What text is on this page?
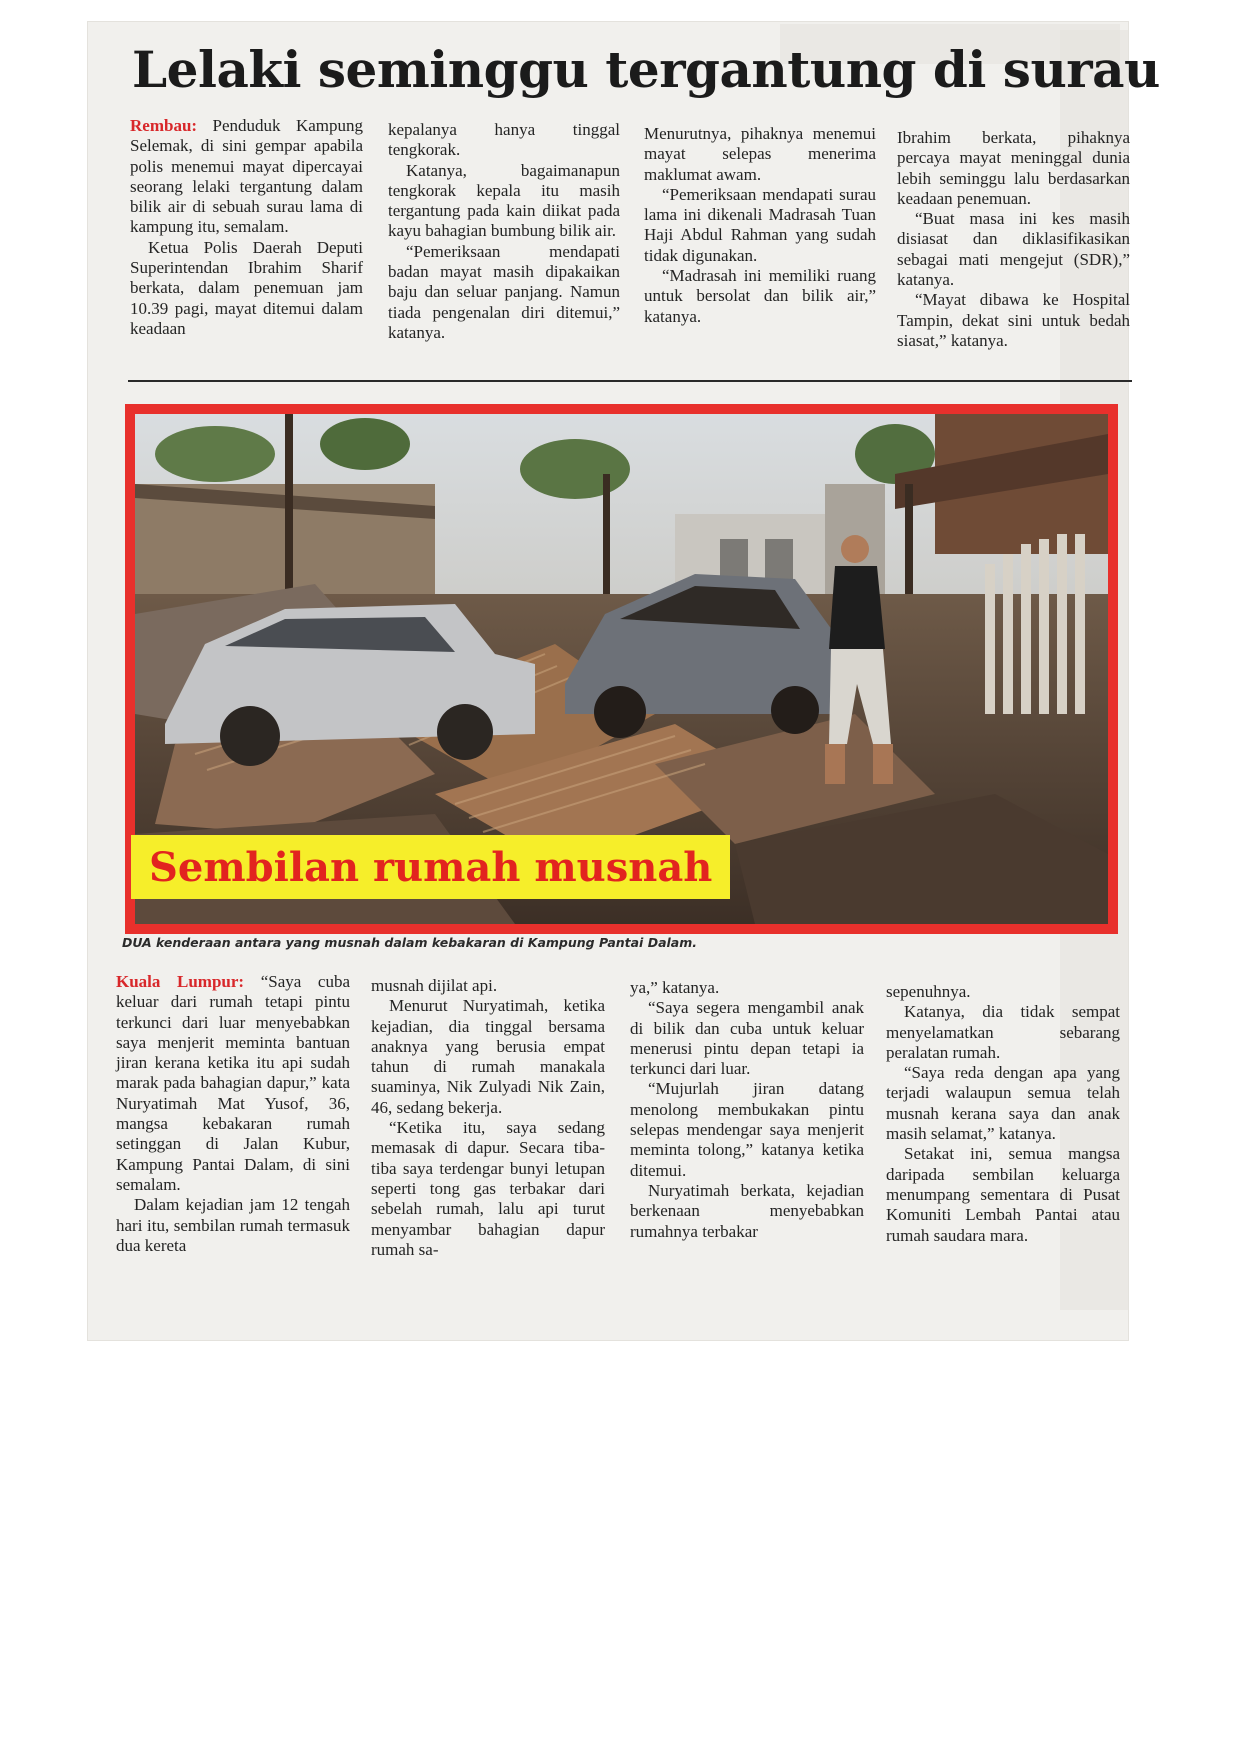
Lelaki seminggu tergantung di surau

Rembau: Penduduk Kampung Selemak, di sini gempar apabila polis menemui mayat dipercayai seorang lelaki tergantung dalam bilik air di sebuah surau lama di kampung itu, semalam.

Ketua Polis Daerah Deputi Superintendan Ibrahim Sharif berkata, dalam penemuan jam 10.39 pagi, mayat ditemui dalam keadaan

kepalanya hanya tinggal tengkorak.

Katanya, bagaimanapun tengkorak kepala itu masih tergantung pada kain diikat pada kayu bahagian bumbung bilik air.

“Pemeriksaan mendapati badan mayat masih dipakaikan baju dan seluar panjang. Namun tiada pengenalan diri ditemui,” katanya.

Menurutnya, pihaknya menemui mayat selepas menerima maklumat awam.

“Pemeriksaan mendapati surau lama ini dikenali Madrasah Tuan Haji Abdul Rahman yang sudah tidak digunakan.

“Madrasah ini memiliki ruang untuk bersolat dan bilik air,” katanya.

Ibrahim berkata, pihaknya percaya mayat meninggal dunia lebih seminggu lalu berdasarkan keadaan penemuan.

“Buat masa ini kes masih disiasat dan diklasifikasikan sebagai mati mengejut (SDR),” katanya.

“Mayat dibawa ke Hospital Tampin, dekat sini untuk bedah siasat,” katanya.

Sembilan rumah musnah

DUA kenderaan antara yang musnah dalam kebakaran di Kampung Pantai Dalam.

Kuala Lumpur: “Saya cuba keluar dari rumah tetapi pintu terkunci dari luar menyebabkan saya menjerit meminta bantuan jiran kerana ketika itu api sudah marak pada bahagian dapur,” kata Nuryatimah Mat Yusof, 36, mangsa kebakaran rumah setinggan di Jalan Kubur, Kampung Pantai Dalam, di sini semalam.

Dalam kejadian jam 12 tengah hari itu, sembilan rumah termasuk dua kereta

musnah dijilat api.

Menurut Nuryatimah, ketika kejadian, dia tinggal bersama anaknya yang berusia empat tahun di rumah manakala suaminya, Nik Zulyadi Nik Zain, 46, sedang bekerja.

“Ketika itu, saya sedang memasak di dapur. Secara tiba-tiba saya terdengar bunyi letupan seperti tong gas terbakar dari sebelah rumah, lalu api turut menyambar bahagian dapur rumah sa-

ya,” katanya.

“Saya segera mengambil anak di bilik dan cuba untuk keluar menerusi pintu depan tetapi ia terkunci dari luar.

“Mujurlah jiran datang menolong membukakan pintu selepas mendengar saya menjerit meminta tolong,” katanya ketika ditemui.

Nuryatimah berkata, kejadian berkenaan menyebabkan rumahnya terbakar

sepenuhnya.

Katanya, dia tidak sempat menyelamatkan sebarang peralatan rumah.

“Saya reda dengan apa yang terjadi walaupun semua telah musnah kerana saya dan anak masih selamat,” katanya.

Setakat ini, semua mangsa daripada sembilan keluarga menumpang sementara di Pusat Komuniti Lembah Pantai atau rumah saudara mara.
